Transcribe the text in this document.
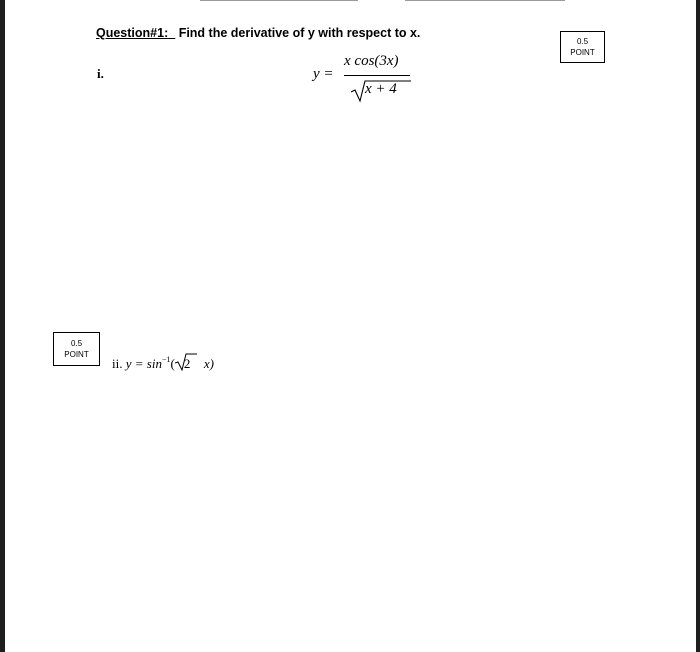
Question#1:_ Find the derivative of y with respect to x.
0.5
POINT
i.	y =
x cos(3x)
x + 4
0.5
POINT
ii. $y = \sin^{-1}$( 2 x)
